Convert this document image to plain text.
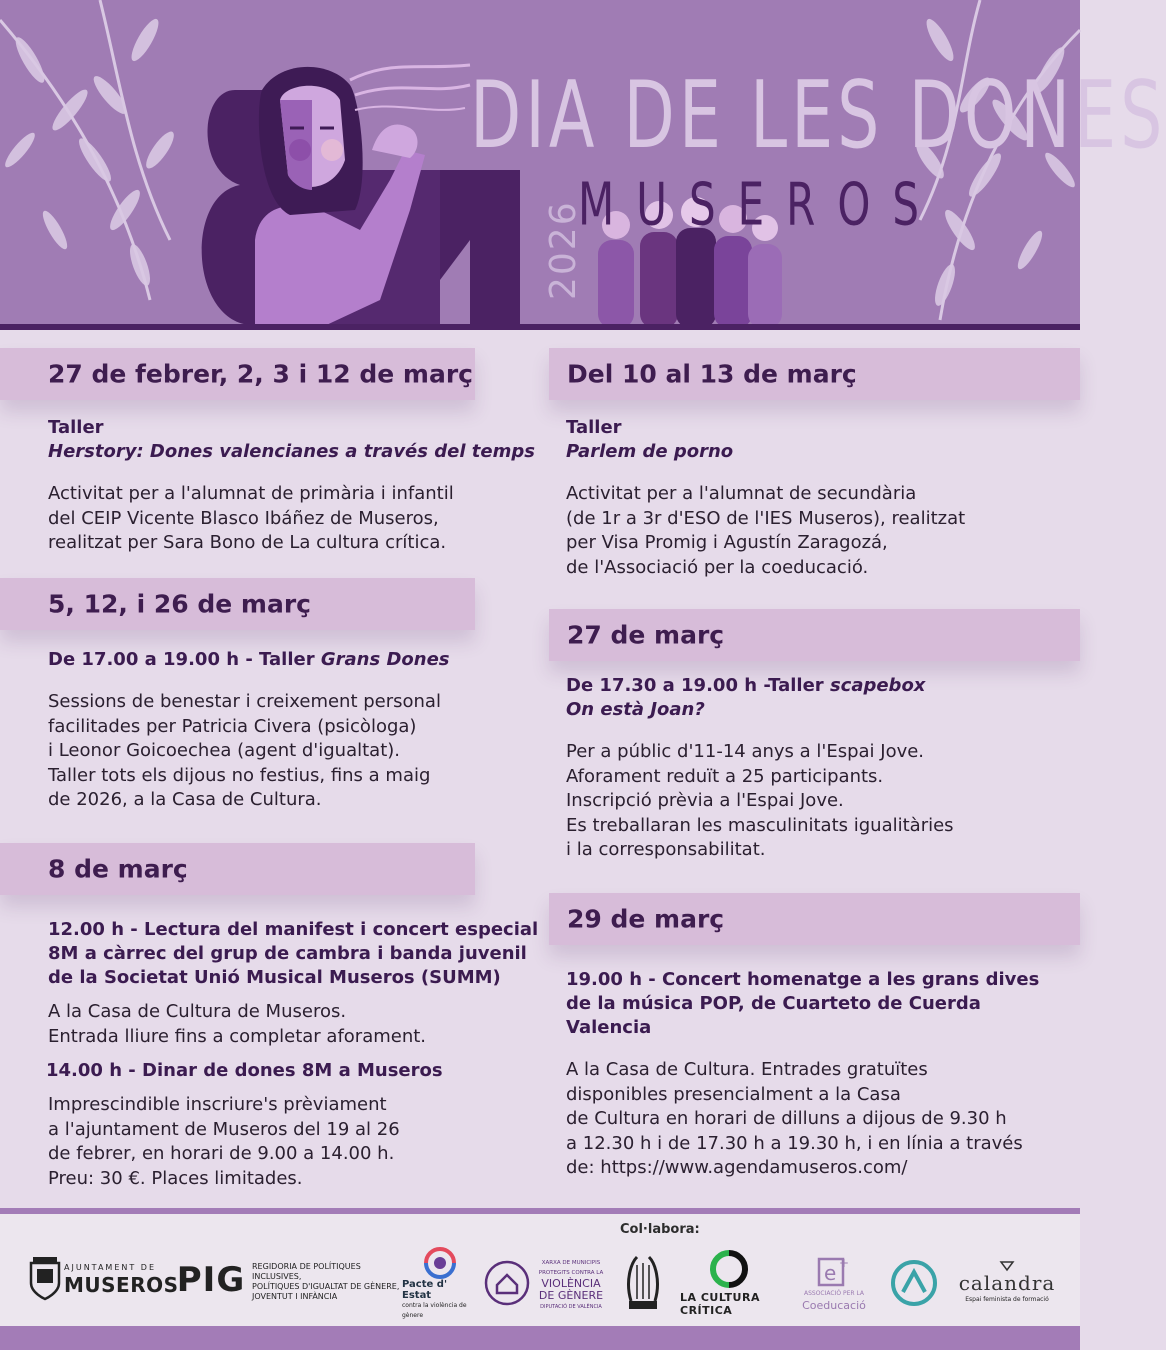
DIA DE LES DONES
MUSEROS
2026
27 de febrer, 2, 3 i 12 de març
Taller
Herstory: Dones valencianes a través del temps
Activitat per a l'alumnat de primària i infantil
del CEIP Vicente Blasco Ibáñez de Museros,
realitzat per Sara Bono de La cultura crítica.
5, 12, i 26 de març
De 17.00 a 19.00 h - Taller Grans Dones
Sessions de benestar i creixement personal
facilitades per Patricia Civera (psicòloga)
i Leonor Goicoechea (agent d'igualtat).
Taller tots els dijous no festius, fins a maig
de 2026, a la Casa de Cultura.
8 de març
12.00 h - Lectura del manifest i concert especial
8M a càrrec del grup de cambra i banda juvenil
de la Societat Unió Musical Museros (SUMM)
A la Casa de Cultura de Museros.
Entrada lliure fins a completar aforament.
14.00 h - Dinar de dones 8M a Museros
Imprescindible inscriure's prèviament
a l'ajuntament de Museros del 19 al 26
de febrer, en horari de 9.00 a 14.00 h.
Preu: 30 €. Places limitades.
Del 10 al 13 de març
Taller
Parlem de porno
Activitat per a l'alumnat de secundària
(de 1r a 3r d'ESO de l'IES Museros), realitzat
per Visa Promig i Agustín Zaragozá,
de l'Associació per la coeducació.
27 de març
De 17.30 a 19.00 h -Taller scapebox
On està Joan?
Per a públic d'11-14 anys a l'Espai Jove.
Aforament reduït a 25 participants.
Inscripció prèvia a l'Espai Jove.
Es treballaran les masculinitats igualitàries
i la corresponsabilitat.
29 de març
19.00 h - Concert homenatge a les grans dives
de la música POP, de Cuarteto de Cuerda
Valencia
A la Casa de Cultura. Entrades gratuïtes
disponibles presencialment a la Casa
de Cultura en horari de dilluns a dijous de 9.30 h
a 12.30 h i de 17.30 h a 19.30 h, i en línia a través
de: https://www.agendamuseros.com/
Col·labora:
AJUNTAMENT DE
MUSEROS
PIG REGIDORIA DE POLÍTIQUES INCLUSIVES,
POLÍTIQUES D'IGUALTAT DE GÈNERE,
JOVENTUT I INFÀNCIA
Pacte d' Estat
contra la violència de gènere
XARXA DE MUNICIPIS
PROTEGITS CONTRA LA
VIOLÈNCIA
DE GÈNERE
DIPUTACIÓ DE VALÈNCIA
LA CULTURA CRÍTICA
e +
ASSOCIACIÓ PER LA
Coeducació
calandra
Espai feminista de formació
